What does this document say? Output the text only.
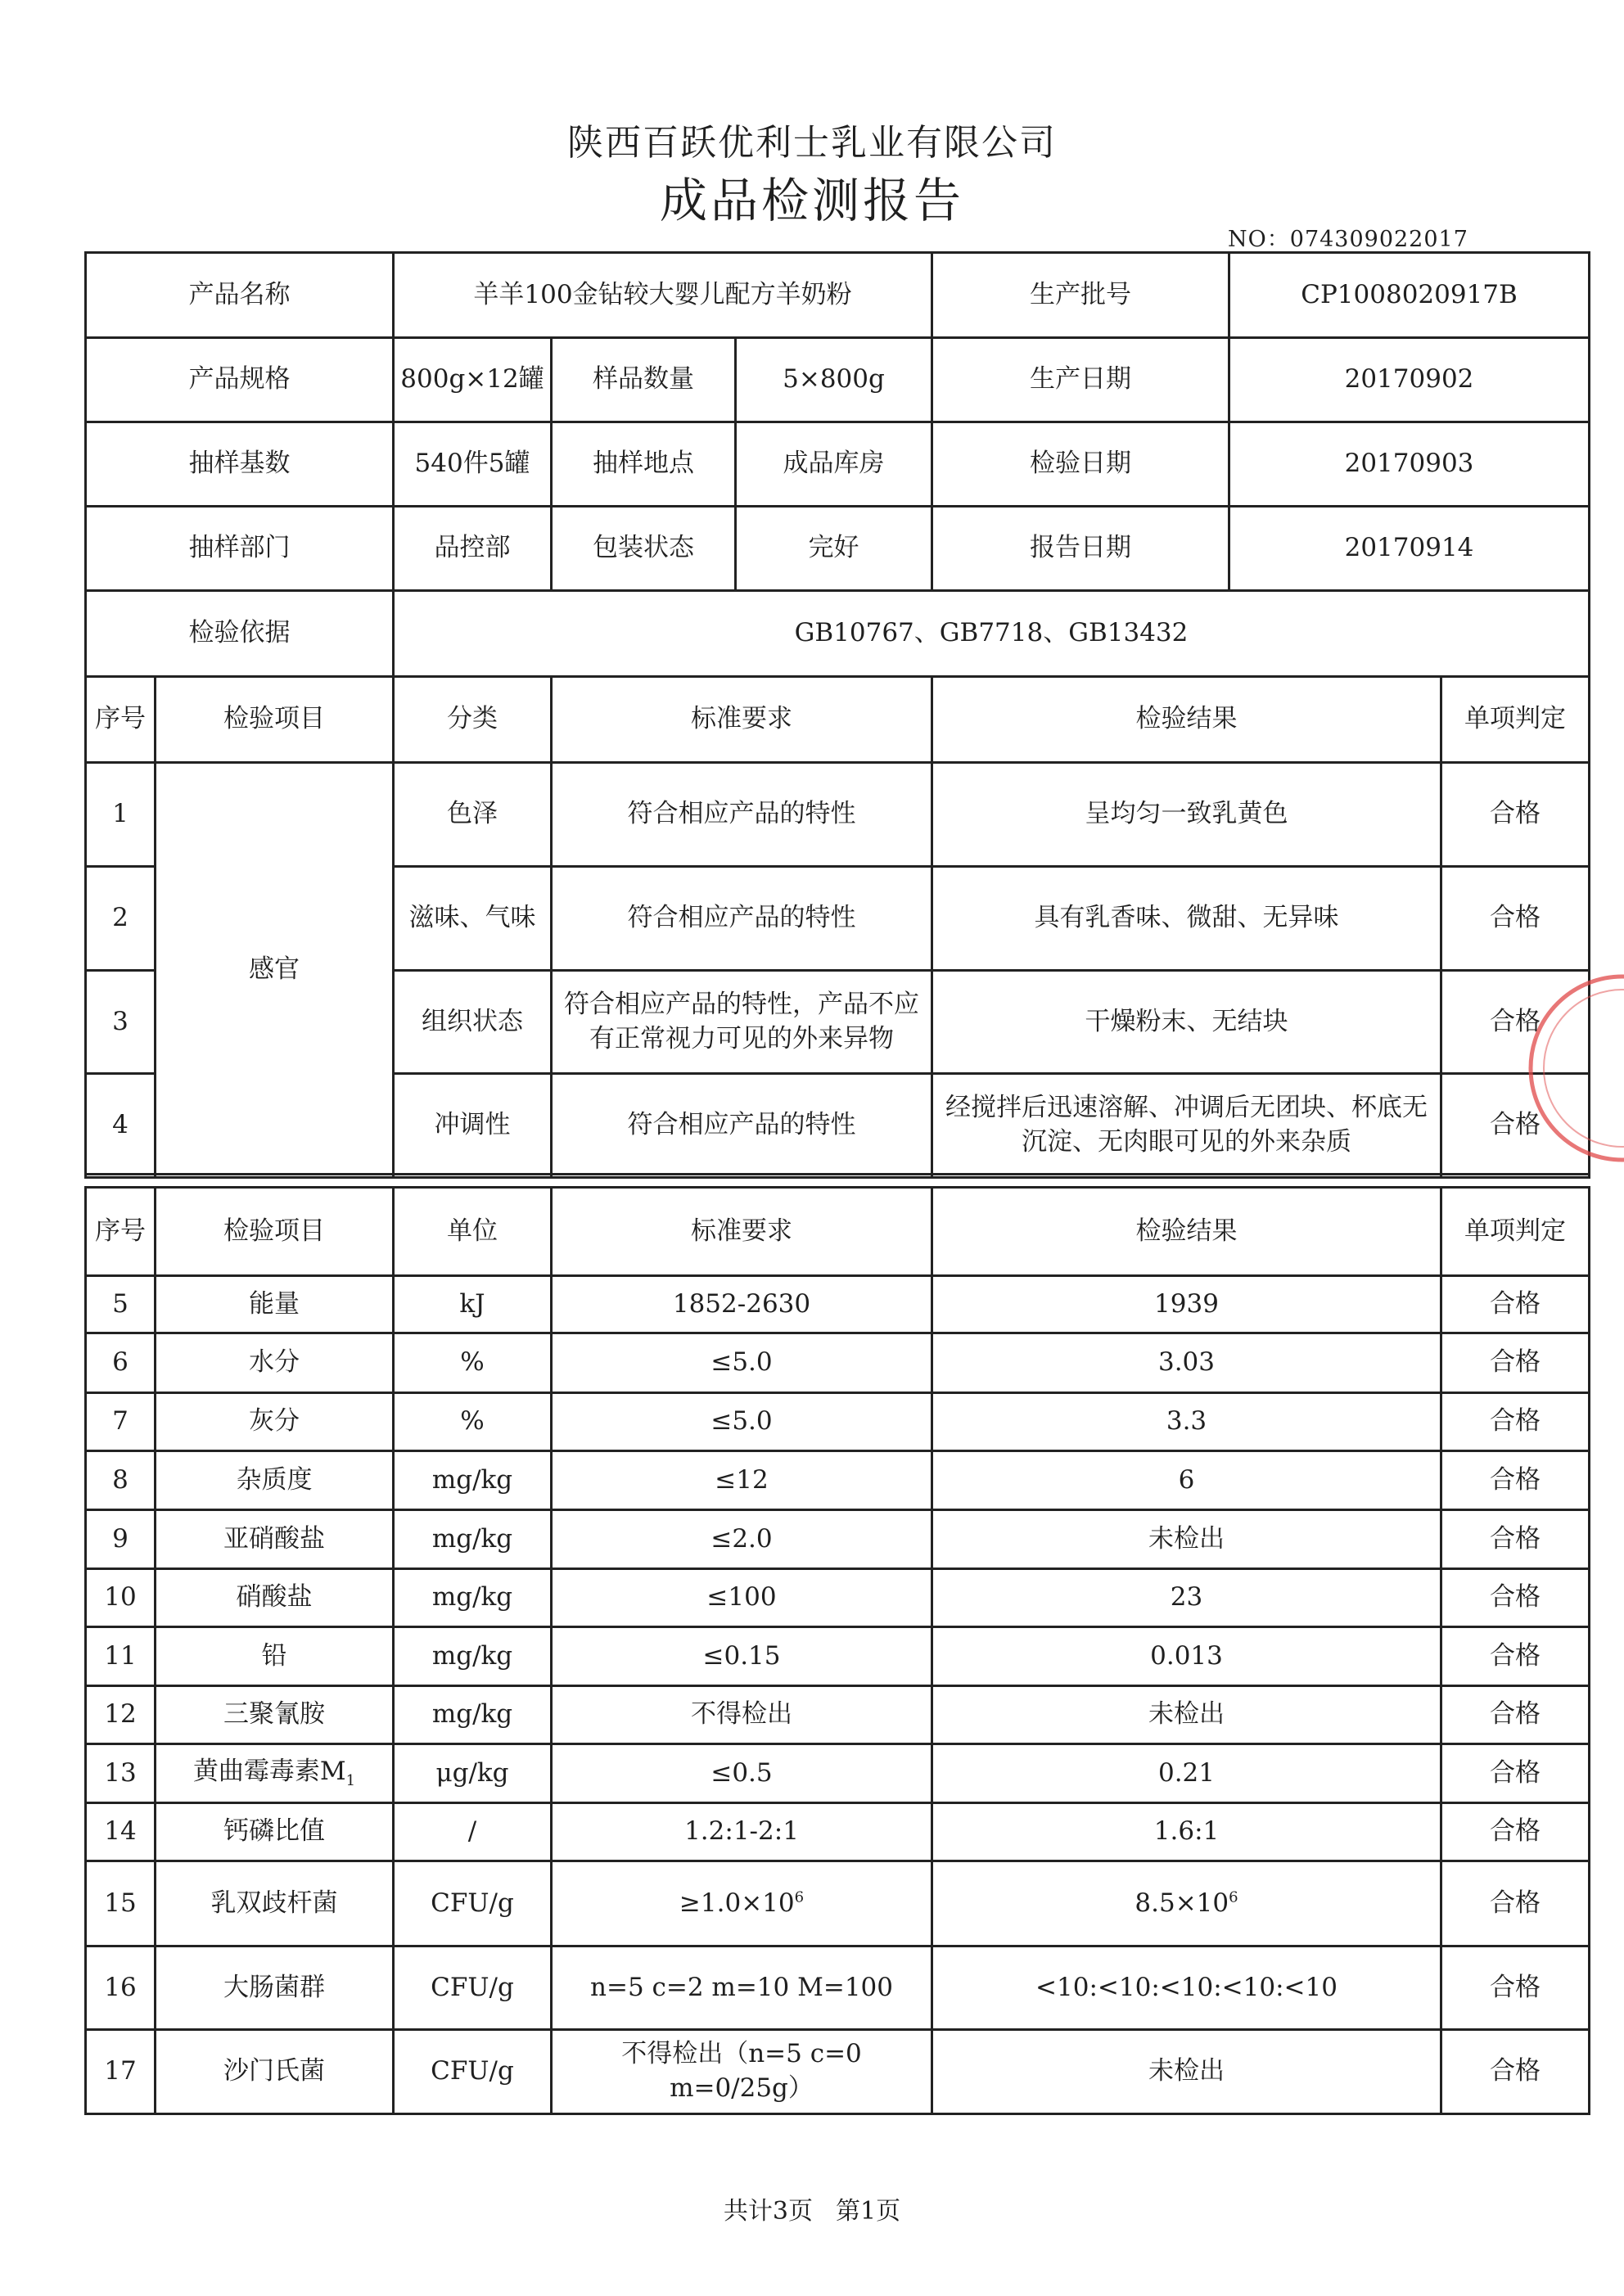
陕西百跃优利士乳业有限公司
成品检测报告
NO：074309022017
产品名称		羊羊100金钻较大婴儿配方羊奶粉			生产批号	CP1008020917B	
产品规格		800g×12罐	样品数量	5×800g	生产日期	20170902	
抽样基数		540件5罐	抽样地点	成品库房	检验日期	20170903	
抽样部门		品控部	包装状态	完好	报告日期	20170914	
检验依据		GB10767、GB7718、GB13432					
序号	检验项目	分类	标准要求		检验结果		单项判定
1	感官	色泽	符合相应产品的特性		呈均匀一致乳黄色		合格
2		滋味、气味	符合相应产品的特性		具有乳香味、微甜、无异味		合格
3		组织状态	符合相应产品的特性，产品不应有正常视力可见的外来异物		干燥粉末、无结块		合格
4		冲调性	符合相应产品的特性		经搅拌后迅速溶解、冲调后无团块、杯底无沉淀、无肉眼可见的外来杂质		合格
序号	检验项目	单位	标准要求	检验结果	单项判定
5	能量	kJ	1852-2630	1939	合格
6	水分	%	≤5.0	3.03	合格
7	灰分	%	≤5.0	3.3	合格
8	杂质度	mg/kg	≤12	6	合格
9	亚硝酸盐	mg/kg	≤2.0	未检出	合格
10	硝酸盐	mg/kg	≤100	23	合格
11	铅	mg/kg	≤0.15	0.013	合格
12	三聚氰胺	mg/kg	不得检出	未检出	合格
13	黄曲霉毒素$M_1$	μg/kg	≤0.5	0.21	合格
14	钙磷比值	/	1.2:1-2:1	1.6:1	合格
15	乳双歧杆菌	CFU/g	$\ge 1.0\times 10^6$	$8.5\times 10^6$	合格
16	大肠菌群	CFU/g	n=5 c=2 m=10 M=100	<10:<10:<10:<10:<10	合格
17	沙门氏菌	CFU/g	不得检出（n=5 c=0 m=0/25g）	未检出	合格
共计3页 第1页
